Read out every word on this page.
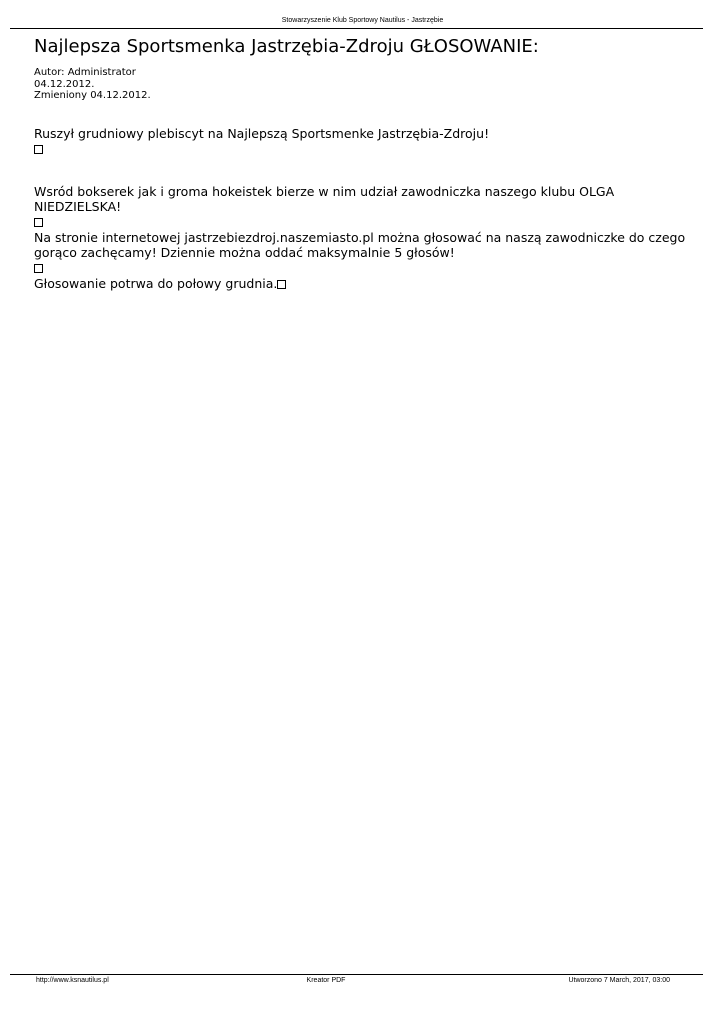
Stowarzyszenie Klub Sportowy Nautilus - Jastrzębie
Najlepsza Sportsmenka Jastrzębia-Zdroju GŁOSOWANIE:
Autor: Administrator
04.12.2012.
Zmieniony 04.12.2012.
Ruszył grudniowy plebiscyt na Najlepszą Sportsmenke Jastrzębia-Zdroju!
Wsród bokserek jak i groma hokeistek bierze w nim udział zawodniczka naszego klubu OLGA NIEDZIELSKA!
Na stronie internetowej jastrzebiezdroj.naszemiasto.pl można głosować na naszą zawodniczke do czego gorąco zachęcamy! Dziennie można oddać maksymalnie 5 głosów!
Głosowanie potrwa do połowy grudnia.
http://www.ksnautilus.pl	Kreator PDF	Utworzono 7 March, 2017, 03:00
